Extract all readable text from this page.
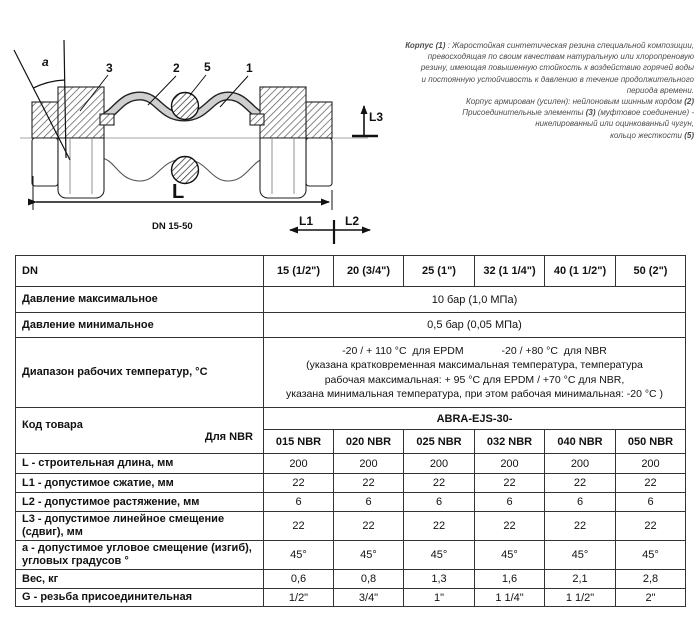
a	3	2 5	1
L3
L
DN 15-50	L1	L2
Корпус (1) : Жаростойкая синтетическая резина специальной композиции,
превосходящая по своим качествам натуральную или хлоропреновую
резину, имеющая повышенную стойкость к воздействию горячей воды
и постоянную устойчивость к давлению в течение продолжительного
периода времени.
Корпус армирован (усилен): нейлоновым шинным кордом (2)
Присоединительные элементы (3) (муфтовое соединение) -
никелированный или оцинкованный чугун,
кольцо жесткости (5)
DN	15 (1/2")	20 (3/4")	25 (1")	32 (1 1/4")	40 (1 1/2")	50 (2")
Давление максимальное	10 бар (1,0 МПа)					
Давление минимальное	0,5 бар (0,05 МПа)					
Диапазон рабочих температур, °C	-20 / + 110 °C  для EPDM             -20 / +80 °C  для NBR
(указана кратковременная максимальная температура, температура
рабочая максимальная: + 95 °C для EPDM / +70 °C для NBR,
указана минимальная температура, при этом рабочая минимальная: -20 °C )					

Код товара
Для NBR	ABRA-EJS-30-					
	015 NBR	020 NBR	025 NBR	032 NBR	040 NBR	050 NBR
L - строительная длина, мм	200	200	200	200	200	200
L1 - допустимое сжатие, мм	22	22	22	22	22	22
L2 - допустимое растяжение, мм	6	6	6	6	6	6
L3 - допустимое линейное смещение (сдвиг), мм	22	22	22	22	22	22
a - допустимое угловое смещение (изгиб), угловых градусов °	45°	45°	45°	45°	45°	45°
Вес, кг	0,6	0,8	1,3	1,6	2,1	2,8
G - резьба присоединительная	1/2"	3/4"	1"	1 1/4"	1 1/2"	2"
